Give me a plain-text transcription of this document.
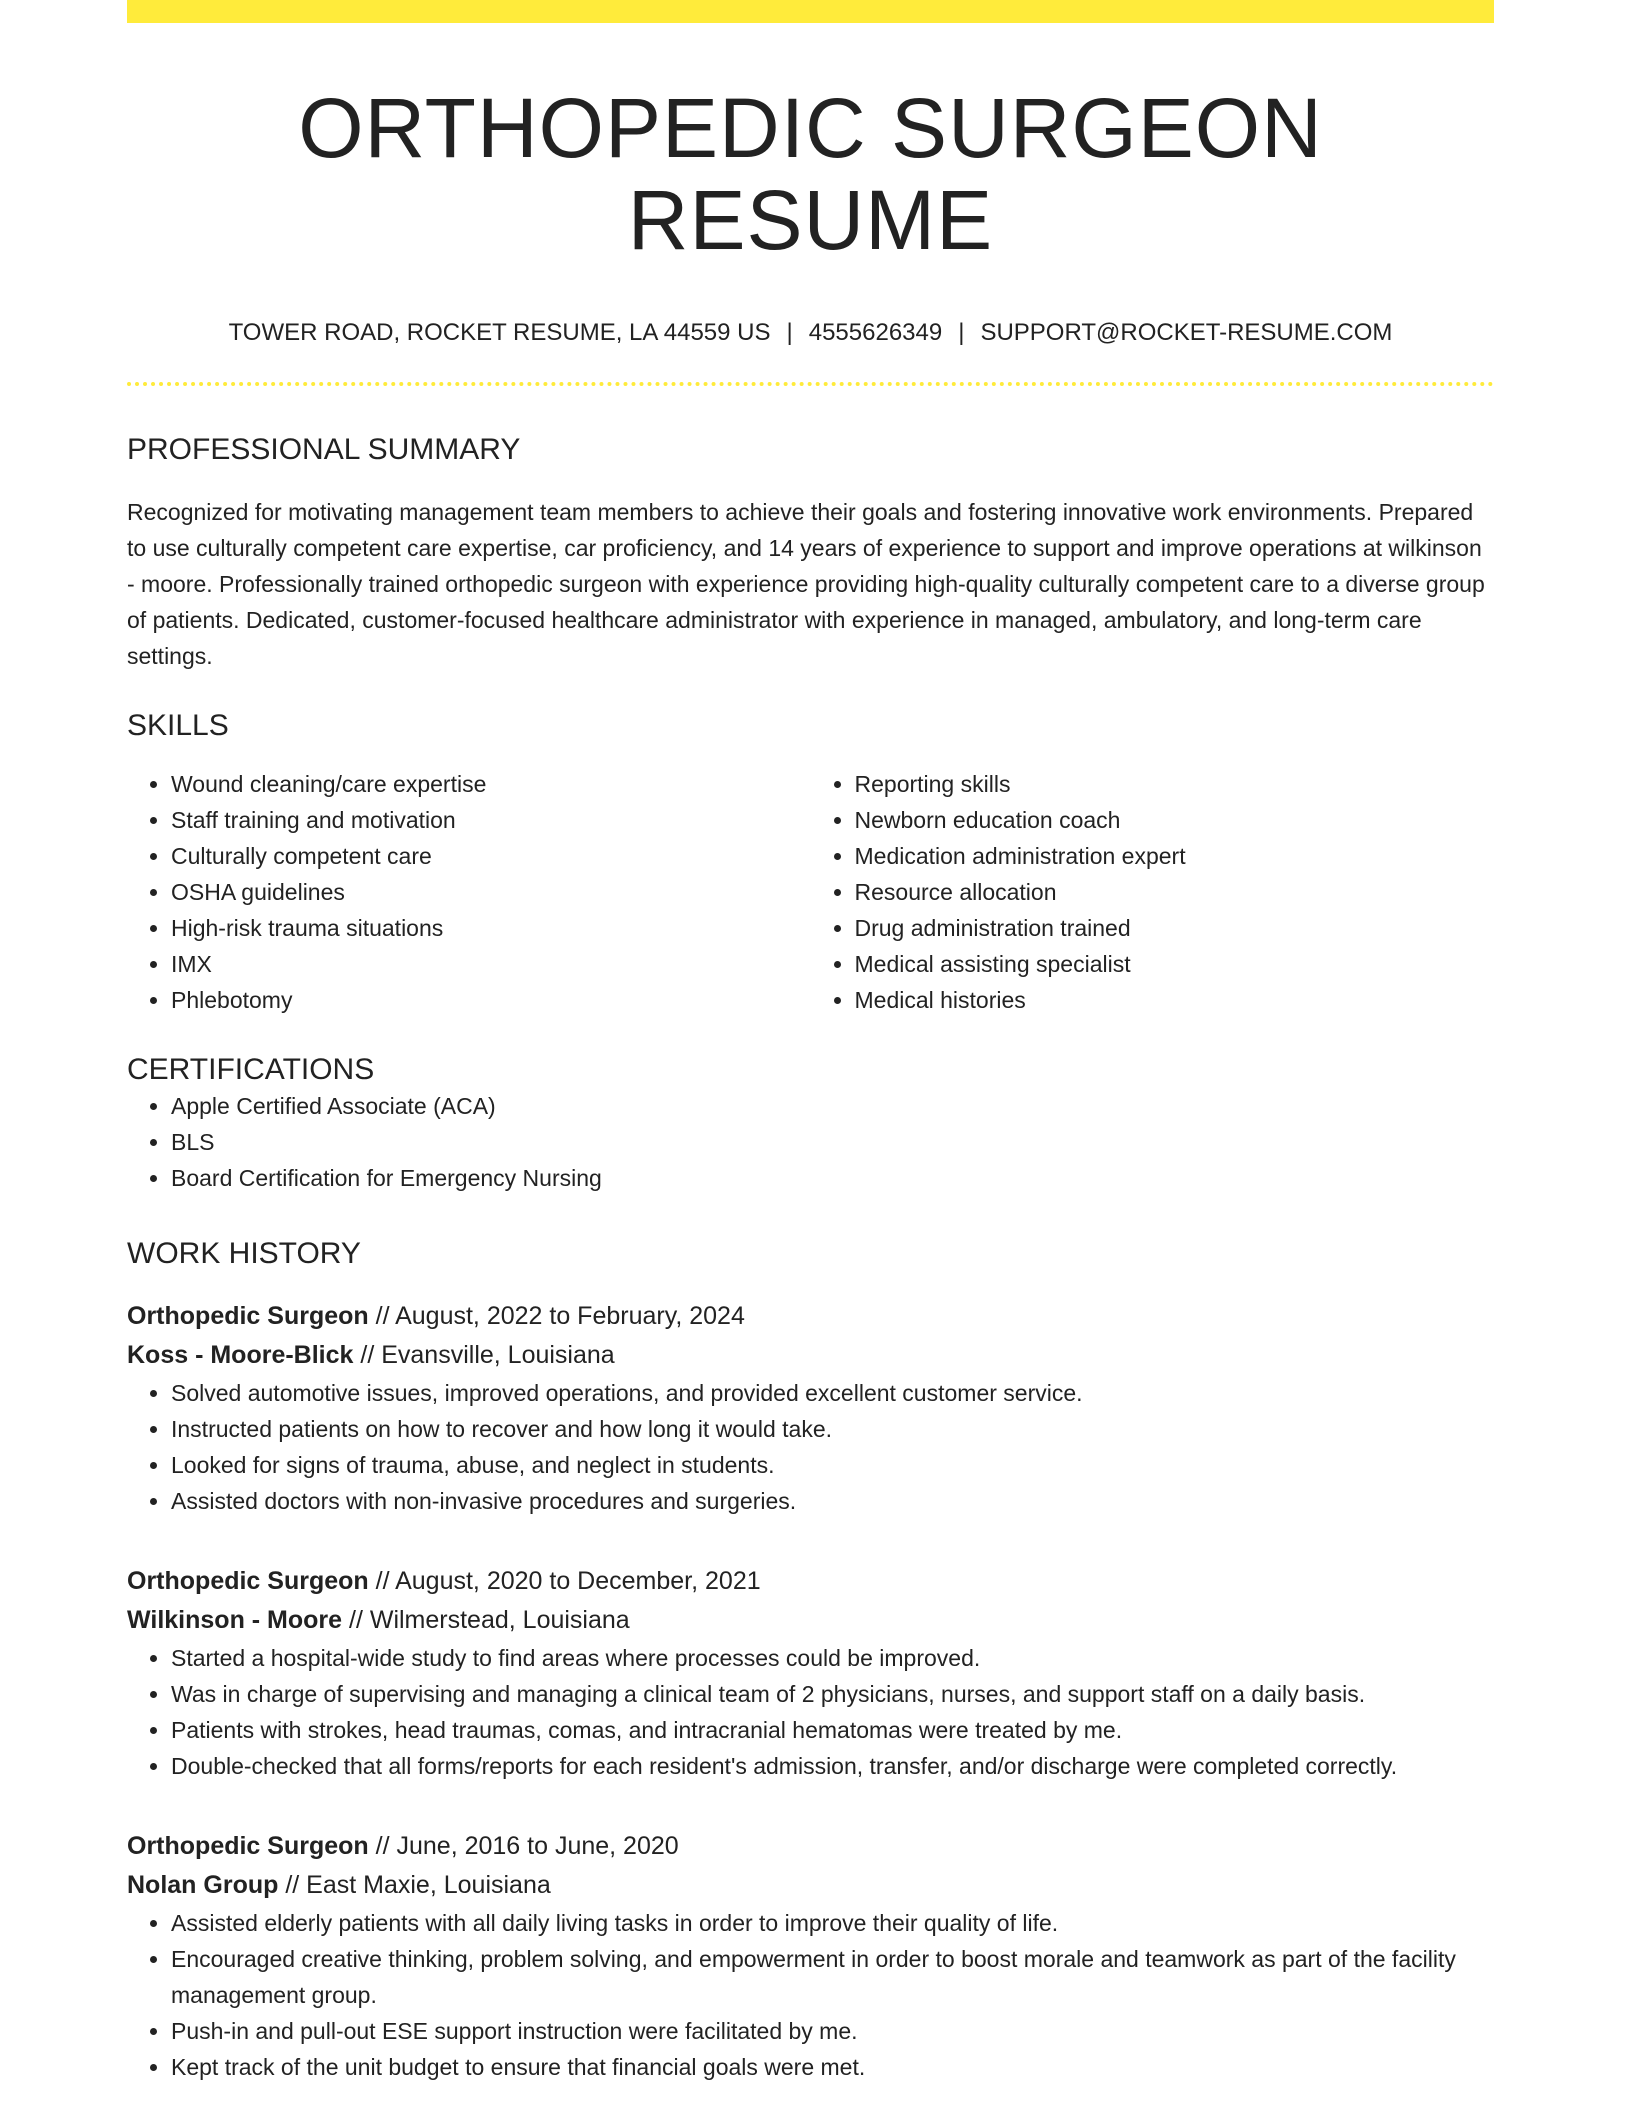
ORTHOPEDIC SURGEON RESUME
TOWER ROAD, ROCKET RESUME, LA 44559 US | 4555626349 | SUPPORT@ROCKET-RESUME.COM
PROFESSIONAL SUMMARY

Recognized for motivating management team members to achieve their goals and fostering innovative work environments. Prepared to use culturally competent care expertise, car proficiency, and 14 years of experience to support and improve operations at wilkinson - moore. Professionally trained orthopedic surgeon with experience providing high-quality culturally competent care to a diverse group of patients. Dedicated, customer-focused healthcare administrator with experience in managed, ambulatory, and long-term care settings.

SKILLS
• Wound cleaning/care expertise
• Staff training and motivation
• Culturally competent care
• OSHA guidelines
• High-risk trauma situations
• IMX
• Phlebotomy
• Reporting skills
• Newborn education coach
• Medication administration expert
• Resource allocation
• Drug administration trained
• Medical assisting specialist
• Medical histories
CERTIFICATIONS
• Apple Certified Associate (ACA)
• BLS
• Board Certification for Emergency Nursing
WORK HISTORY
Orthopedic Surgeon // August, 2022 to February, 2024
Koss - Moore-Blick // Evansville, Louisiana
• Solved automotive issues, improved operations, and provided excellent customer service.
• Instructed patients on how to recover and how long it would take.
• Looked for signs of trauma, abuse, and neglect in students.
• Assisted doctors with non-invasive procedures and surgeries.
Orthopedic Surgeon // August, 2020 to December, 2021
Wilkinson - Moore // Wilmerstead, Louisiana
• Started a hospital-wide study to find areas where processes could be improved.
• Was in charge of supervising and managing a clinical team of 2 physicians, nurses, and support staff on a daily basis.
• Patients with strokes, head traumas, comas, and intracranial hematomas were treated by me.
• Double-checked that all forms/reports for each resident's admission, transfer, and/or discharge were completed correctly.
Orthopedic Surgeon // June, 2016 to June, 2020
Nolan Group // East Maxie, Louisiana
• Assisted elderly patients with all daily living tasks in order to improve their quality of life.
• Encouraged creative thinking, problem solving, and empowerment in order to boost morale and teamwork as part of the facility management group.
• Push-in and pull-out ESE support instruction were facilitated by me.
• Kept track of the unit budget to ensure that financial goals were met.
